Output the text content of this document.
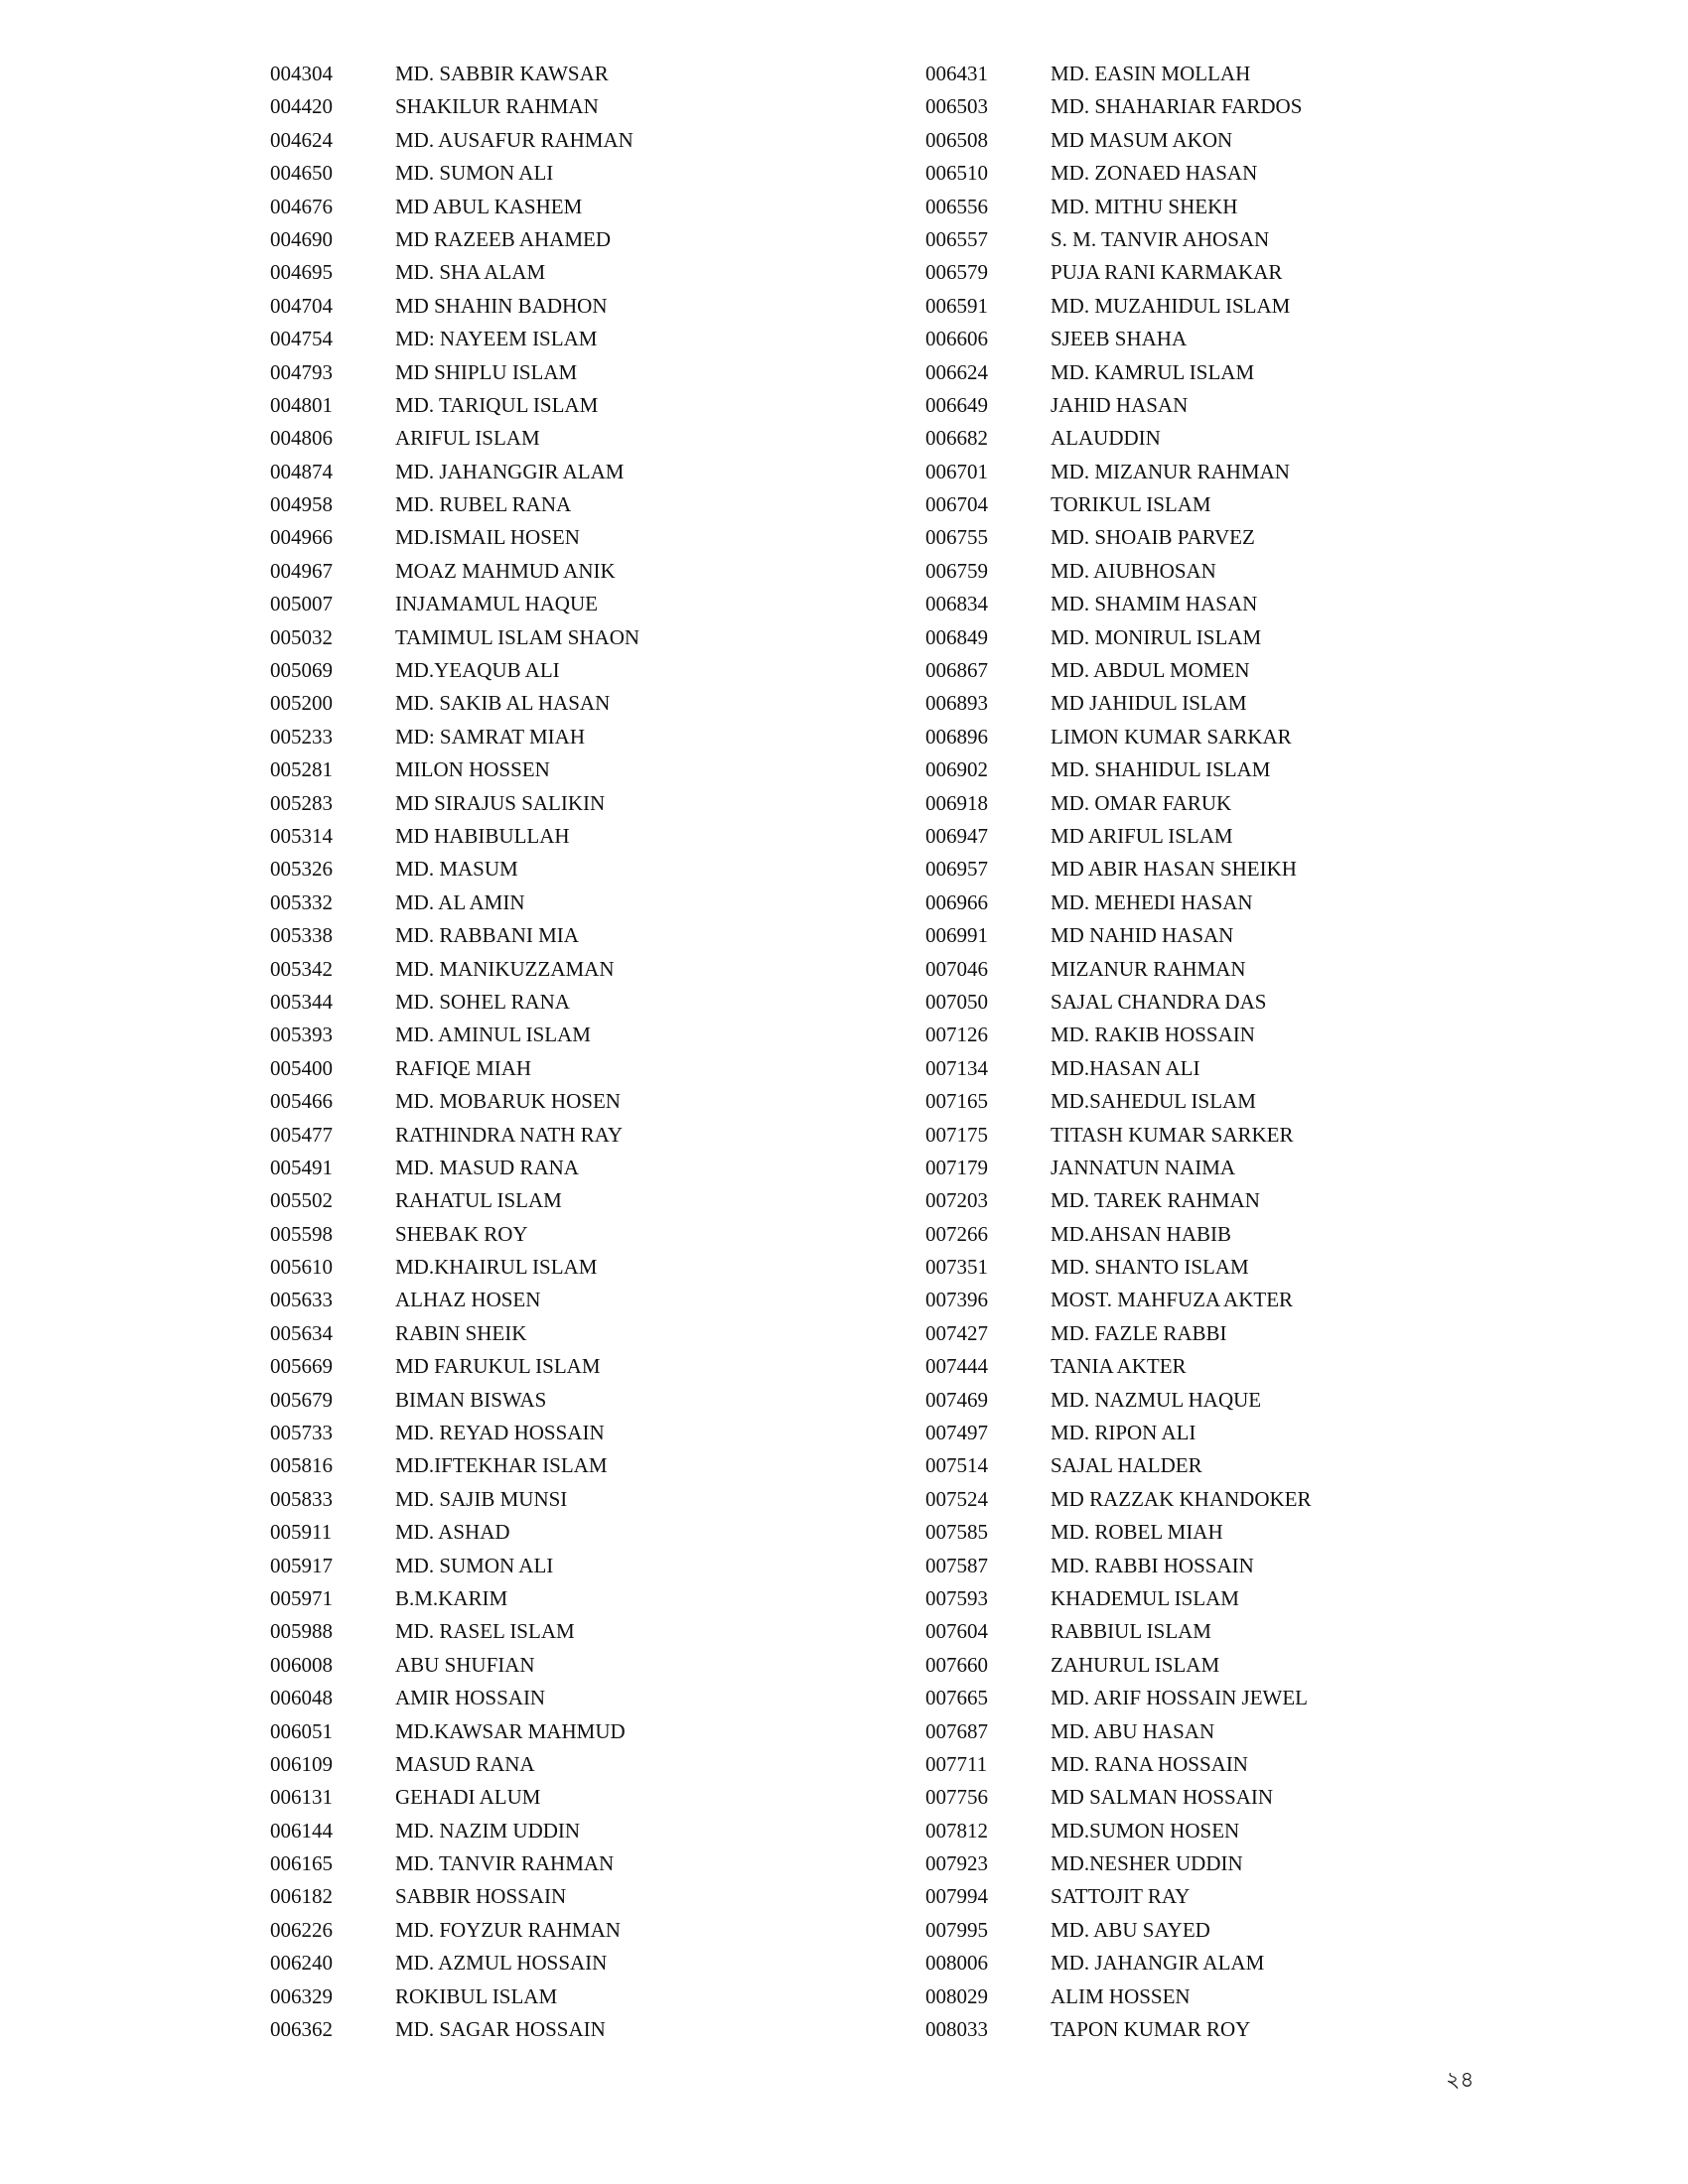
004304	MD. SABBIR KAWSAR
004420	SHAKILUR RAHMAN
004624	MD. AUSAFUR RAHMAN
004650	MD. SUMON ALI
004676	MD ABUL KASHEM
004690	MD RAZEEB AHAMED
004695	MD. SHA ALAM
004704	MD SHAHIN BADHON
004754	MD: NAYEEM ISLAM
004793	MD SHIPLU ISLAM
004801	MD. TARIQUL ISLAM
004806	ARIFUL ISLAM
004874	MD. JAHANGGIR ALAM
004958	MD. RUBEL RANA
004966	MD.ISMAIL HOSEN
004967	MOAZ MAHMUD ANIK
005007	INJAMAMUL HAQUE
005032	TAMIMUL ISLAM SHAON
005069	MD.YEAQUB ALI
005200	MD. SAKIB AL HASAN
005233	MD: SAMRAT MIAH
005281	MILON HOSSEN
005283	MD SIRAJUS SALIKIN
005314	MD HABIBULLAH
005326	MD. MASUM
005332	MD. AL AMIN
005338	MD. RABBANI MIA
005342	MD. MANIKUZZAMAN
005344	MD. SOHEL RANA
005393	MD. AMINUL ISLAM
005400	RAFIQE MIAH
005466	MD. MOBARUK HOSEN
005477	RATHINDRA NATH RAY
005491	MD. MASUD RANA
005502	RAHATUL ISLAM
005598	SHEBAK ROY
005610	MD.KHAIRUL ISLAM
005633	ALHAZ HOSEN
005634	RABIN SHEIK
005669	MD FARUKUL ISLAM
005679	BIMAN BISWAS
005733	MD. REYAD HOSSAIN
005816	MD.IFTEKHAR ISLAM
005833	MD. SAJIB MUNSI
005911	MD. ASHAD
005917	MD. SUMON ALI
005971	B.M.KARIM
005988	MD. RASEL ISLAM
006008	ABU SHUFIAN
006048	AMIR HOSSAIN
006051	MD.KAWSAR MAHMUD
006109	MASUD RANA
006131	GEHADI ALUM
006144	MD. NAZIM UDDIN
006165	MD. TANVIR RAHMAN
006182	SABBIR HOSSAIN
006226	MD. FOYZUR RAHMAN
006240	MD. AZMUL HOSSAIN
006329	ROKIBUL ISLAM
006362	MD. SAGAR HOSSAIN
006431	MD. EASIN MOLLAH
006503	MD. SHAHARIAR FARDOS
006508	MD MASUM AKON
006510	MD. ZONAED HASAN
006556	MD. MITHU SHEKH
006557	S. M. TANVIR AHOSAN
006579	PUJA RANI KARMAKAR
006591	MD. MUZAHIDUL ISLAM
006606	SJEEB SHAHA
006624	MD. KAMRUL ISLAM
006649	JAHID HASAN
006682	ALAUDDIN
006701	MD. MIZANUR RAHMAN
006704	TORIKUL ISLAM
006755	MD. SHOAIB PARVEZ
006759	MD. AIUBHOSAN
006834	MD. SHAMIM HASAN
006849	MD. MONIRUL ISLAM
006867	MD. ABDUL MOMEN
006893	MD JAHIDUL ISLAM
006896	LIMON KUMAR SARKAR
006902	MD. SHAHIDUL ISLAM
006918	MD. OMAR FARUK
006947	MD ARIFUL ISLAM
006957	MD ABIR HASAN SHEIKH
006966	MD. MEHEDI HASAN
006991	MD NAHID HASAN
007046	MIZANUR RAHMAN
007050	SAJAL CHANDRA DAS
007126	MD. RAKIB HOSSAIN
007134	MD.HASAN ALI
007165	MD.SAHEDUL ISLAM
007175	TITASH KUMAR SARKER
007179	JANNATUN NAIMA
007203	MD. TAREK RAHMAN
007266	MD.AHSAN HABIB
007351	MD. SHANTO ISLAM
007396	MOST. MAHFUZA AKTER
007427	MD. FAZLE RABBI
007444	TANIA AKTER
007469	MD. NAZMUL HAQUE
007497	MD. RIPON ALI
007514	SAJAL HALDER
007524	MD RAZZAK KHANDOKER
007585	MD. ROBEL MIAH
007587	MD. RABBI HOSSAIN
007593	KHADEMUL ISLAM
007604	RABBIUL ISLAM
007660	ZAHURUL ISLAM
007665	MD. ARIF HOSSAIN JEWEL
007687	MD. ABU HASAN
007711	MD. RANA HOSSAIN
007756	MD SALMAN HOSSAIN
007812	MD.SUMON HOSEN
007923	MD.NESHER UDDIN
007994	SATTOJIT RAY
007995	MD. ABU SAYED
008006	MD. JAHANGIR ALAM
008029	ALIM HOSSEN
008033	TAPON KUMAR ROY
২৪
